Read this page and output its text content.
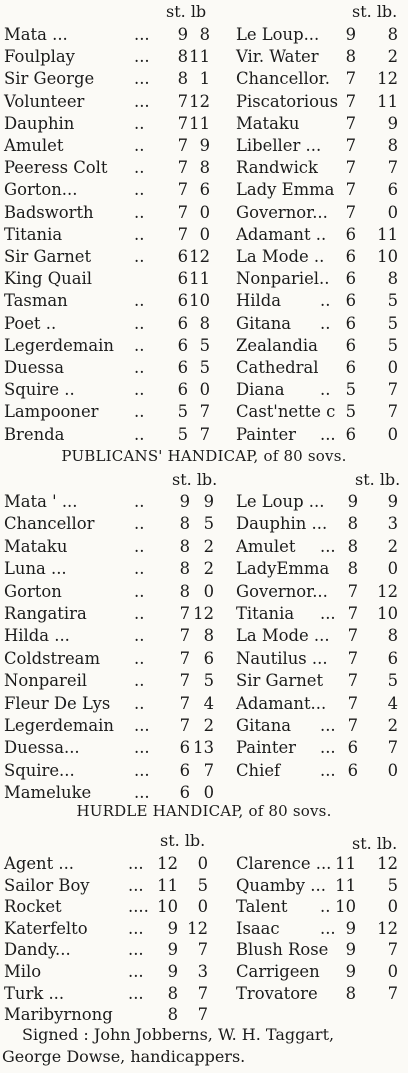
st. lb	st. lb.
Mata ...	...	9 8 Le Loup...	9	8
Foulplay	...	8 11 Vir. Water	8	2
Sir George ...	8 1 Chancellor. 7 12
Volunteer	...	7 12 Piscatorious 7 11
Dauphin	..	7 11 Mataku	7	9
Amulet	..	7 9 Libeller ...	7	8
Peeress Colt ..	7 8 Randwick	7	7
Gorton...	..	7 6 Lady Emma 7	6
Badsworth ..	7 0 Governor...	7	0
Titania	..	7 0 Adamant ..	6 11
Sir Garnet	..	6 12 La Mode ..	6 10
King Quail	6 11 Nonpariel.. 6	8
Tasman	..	6 10 Hilda .. 6	5
Poet ..	..	6 8 Gitana .. 6	5
Legerdemain ..	6 5 Zealandia	6	5
Duessa	..	6 5 Cathedral	6	0
Squire ..	..	6 0 Diana .. 5	7
Lampooner ..	5 7 Cast'nette c 5	7
Brenda	..	5 7 Painter ... 6	0
PUBLICANS' HANDICAP, of 80 sovs.
st. lb.	st. lb.
Mata ' ...	..	9 9 Le Loup ...	9	9
Chancellor ..	8 5 Dauphin ...	8	3
Mataku	..	8 2 Amulet ... 8	2
Luna ...	..	8 2 LadyEmma	8	0
Gorton	..	8 0 Governor...	7 12
Rangatira	..	7 12 Titania ... 7 10
Hilda ...	..	7 8 La Mode ...	7	8
Coldstream ..	7 6 Nautilus ...	7	6
Nonpareil	..	7 5 Sir Garnet	7	5
Fleur De Lys ..	7 4 Adamant...	7	4
Legerdemain ...	7 2 Gitana ... 7	2
Duessa...	...	6 13 Painter ... 6	7
Squire...	...	6 7 Chief ... 6	0
Mameluke	...	6 0
HURDLE HANDICAP, of 80 sovs.
st. lb.	st. lb.
Agent ...	... 12	0 Clarence ... 11 12
Sailor Boy ... 11	5 Quamby ... 11	5
Rocket	.... 10	0 Talent .. 10	0
Katerfelto ...	9 12 Isaac ... 9 12
Dandy...	...	9	7 Blush Rose	9	7
Milo	...	9	3 Carrigeen	9	0
Turk ...	...	8	7 Trovatore	8	7
Maribyrnong	8	7
Signed : John Jobberns, W. H. Taggart,
George Dowse, handicappers.
